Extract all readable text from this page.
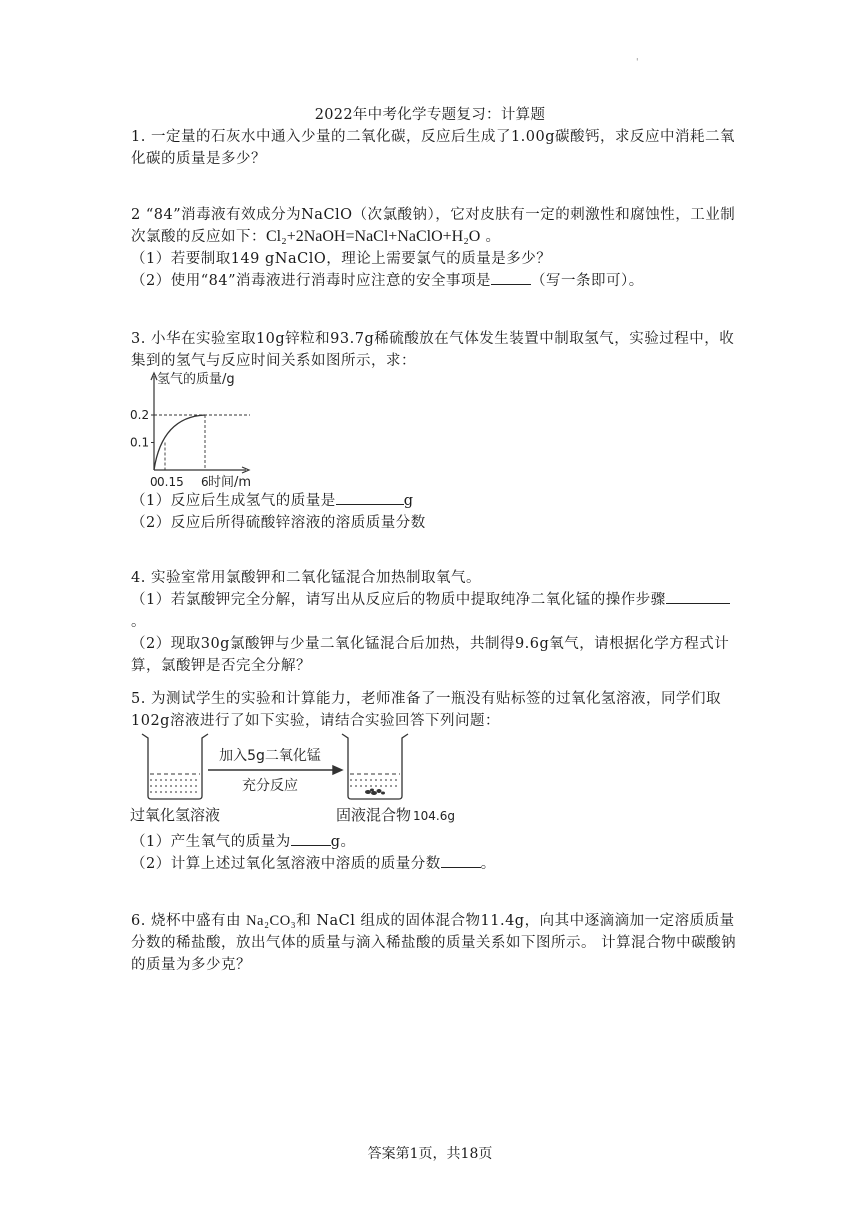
'
2022年中考化学专题复习：计算题

1. 一定量的石灰水中通入少量的二氧化碳，反应后生成了1.00g碳酸钙，求反应中消耗二氧化碳的质量是多少？

2 “84”消毒液有效成分为NaClO（次氯酸钠），它对皮肤有一定的刺激性和腐蚀性，工业制次氯酸的反应如下：Cl₂+2NaOH=NaCl+NaClO+H₂O 。

（1）若要制取149 gNaClO，理论上需要氯气的质量是多少？

（2）使用“84”消毒液进行消毒时应注意的安全事项是	（写一条即可）。

3. 小华在实验室取10g锌粒和93.7g稀硫酸放在气体发生装置中制取氢气，实验过程中，收集到的氢气与反应时间关系如图所示，求：

氢气的质量/g
时间/m
0.2
0.1
0 0.15 6

（1）反应后生成氢气的质量是	g

（2）反应后所得硫酸锌溶液的溶质质量分数

4. 实验室常用氯酸钾和二氧化锰混合加热制取氧气。

（1）若氯酸钾完全分解，请写出从反应后的物质中提取纯净二氧化锰的操作步骤。

（2）现取30g氯酸钾与少量二氧化锰混合后加热，共制得9.6g氧气，请根据化学方程式计算，氯酸钾是否完全分解？

5. 为测试学生的实验和计算能力，老师准备了一瓶没有贴标签的过氧化氢溶液，同学们取102g溶液进行了如下实验，请结合实验回答下列问题：

加入5g二氧化锰
充分反应
过氧化氢溶液	固液混合物 104.6g

（1）产生氧气的质量为	g。

（2）计算上述过氧化氢溶液中溶质的质量分数	。

6. 烧杯中盛有由 Na₂CO₃和 NaCl 组成的固体混合物11.4g，向其中逐滴滴加一定溶质质量分数的稀盐酸，放出气体的质量与滴入稀盐酸的质量关系如下图所示。 计算混合物中碳酸钠的质量为多少克？

答案第1页，共18页
